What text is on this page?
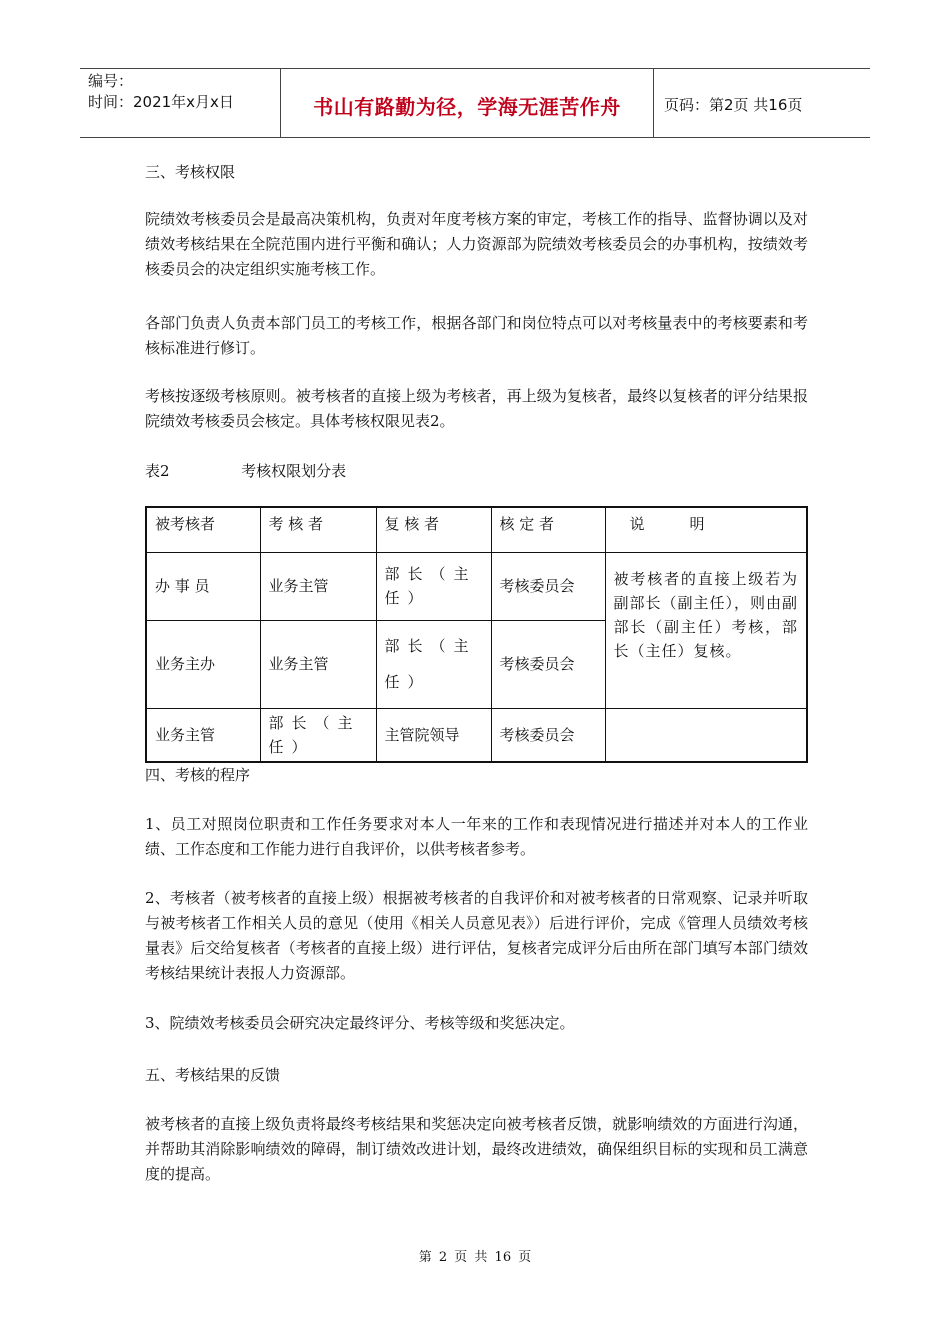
编号：
时间：2021年x月x日	书山有路勤为径，学海无涯苦作舟	页码：第2页 共16页
三、考核权限

院绩效考核委员会是最高决策机构，负责对年度考核方案的审定，考核工作的指导、监督协调以及对绩效考核结果在全院范围内进行平衡和确认；人力资源部为院绩效考核委员会的办事机构，按绩效考核委员会的决定组织实施考核工作。

各部门负责人负责本部门员工的考核工作，根据各部门和岗位特点可以对考核量表中的考核要素和考核标准进行修订。

考核按逐级考核原则。被考核者的直接上级为考核者，再上级为复核者，最终以复核者的评分结果报院绩效考核委员会核定。具体考核权限见表2。

表2	考核权限划分表
被考核者	考 核 者	复 核 者	核 定 者	说　　　明
办 事 员	业务主管	部长（主任）	考核委员会	被考核者的直接上级若为副部长（副主任），则由副部长（副主任）考核，部长（主任）复核。
业务主办	业务主管	部长（主任）	考核委员会	
业务主管	部长（主任）	主管院领导	考核委员会	
四、考核的程序

1、员工对照岗位职责和工作任务要求对本人一年来的工作和表现情况进行描述并对本人的工作业绩、工作态度和工作能力进行自我评价，以供考核者参考。

2、考核者（被考核者的直接上级）根据被考核者的自我评价和对被考核者的日常观察、记录并听取与被考核者工作相关人员的意见（使用《相关人员意见表》）后进行评价，完成《管理人员绩效考核量表》后交给复核者（考核者的直接上级）进行评估，复核者完成评分后由所在部门填写本部门绩效考核结果统计表报人力资源部。

3、院绩效考核委员会研究决定最终评分、考核等级和奖惩决定。

五、考核结果的反馈

被考核者的直接上级负责将最终考核结果和奖惩决定向被考核者反馈，就影响绩效的方面进行沟通，并帮助其消除影响绩效的障碍，制订绩效改进计划，最终改进绩效，确保组织目标的实现和员工满意度的提高。

第 2 页 共 16 页
